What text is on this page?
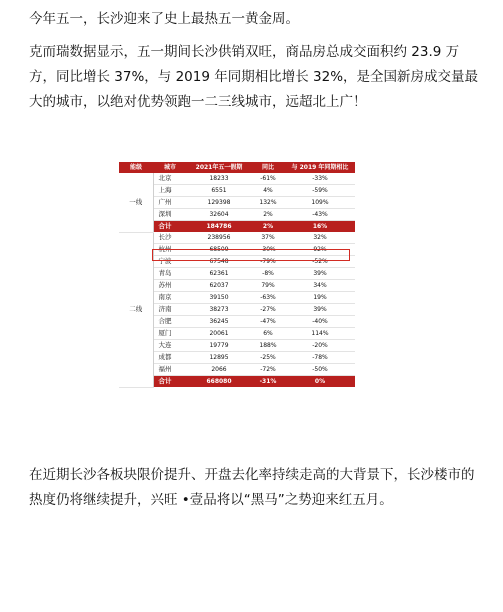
今年五一，长沙迎来了史上最热五一黄金周。

克而瑞数据显示，五一期间长沙供销双旺，商品房总成交面积约 23.9 万方，同比增长 37%，与 2019 年同期相比增长 32%，是全国新房成交量最大的城市，以绝对优势领跑一二三线城市，远超北上广！

能级	城市	2021年五一假期	同比	与 2019 年同期相比
一线	北京	18233	-61%	-33%
	上海	6551	4%	-59%
	广州	129398	132%	109%
	深圳	32604	2%	-43%
	合计	184786	2%	16%
二线	长沙	238956	37%	32%
	杭州	68509	-30%	92%
	宁波	67548	-79%	-52%
	青岛	62361	-8%	39%
	苏州	62037	79%	34%
	南京	39150	-63%	19%
	济南	38273	-27%	39%
	合肥	36245	-47%	-40%
	厦门	20061	6%	114%
	大连	19779	188%	-20%
	成都	12895	-25%	-78%
	福州	2066	-72%	-50%
	合计	668080	-31%	0%

在近期长沙各板块限价提升、开盘去化率持续走高的大背景下，长沙楼市的热度仍将继续提升，兴旺 •壹品将以“黑马”之势迎来红五月。
